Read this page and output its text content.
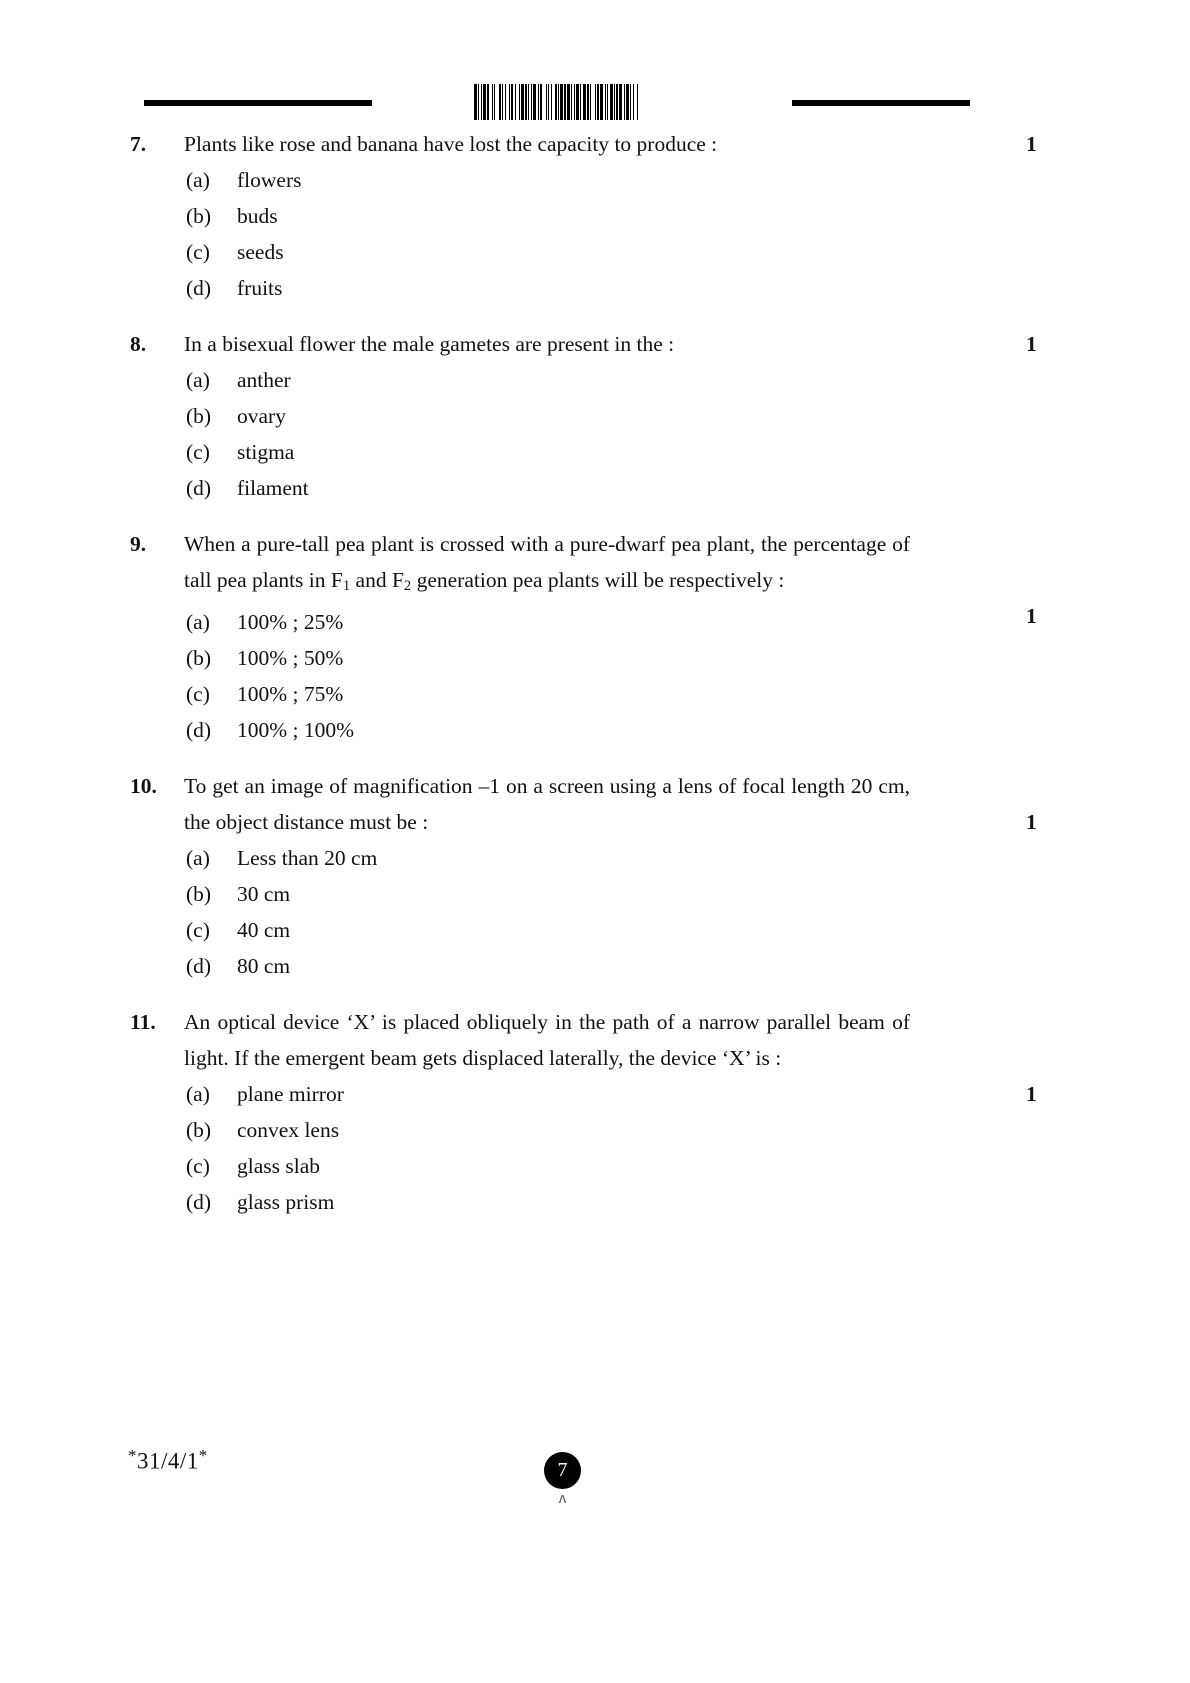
7.	Plants like rose and banana have lost the capacity to produce :	1
(a)	flowers
(b)	buds
(c)	seeds
(d)	fruits
8.	In a bisexual flower the male gametes are present in the :	1
(a)	anther
(b)	ovary
(c)	stigma
(d)	filament
9.	When a pure-tall pea plant is crossed with a pure-dwarf pea plant, the percentage of tall pea plants in $F_1$ and $F_2$ generation pea plants will be respectively :
1
(a)	100% ; 25%
(b)	100% ; 50%
(c)	100% ; 75%
(d)	100% ; 100%
10.	To get an image of magnification –1 on a screen using a lens of focal length 20 cm, the object distance must be :	1
(a)	Less than 20 cm
(b)	30 cm
(c)	40 cm
(d)	80 cm
11.	An optical device ‘X’ is placed obliquely in the path of a narrow parallel beam of light. If the emergent beam gets displaced laterally, the device ‘X’ is :
1
(a)	plane mirror
(b)	convex lens
(c)	glass slab
(d)	glass prism
*31/4/1*
7
ʌ
